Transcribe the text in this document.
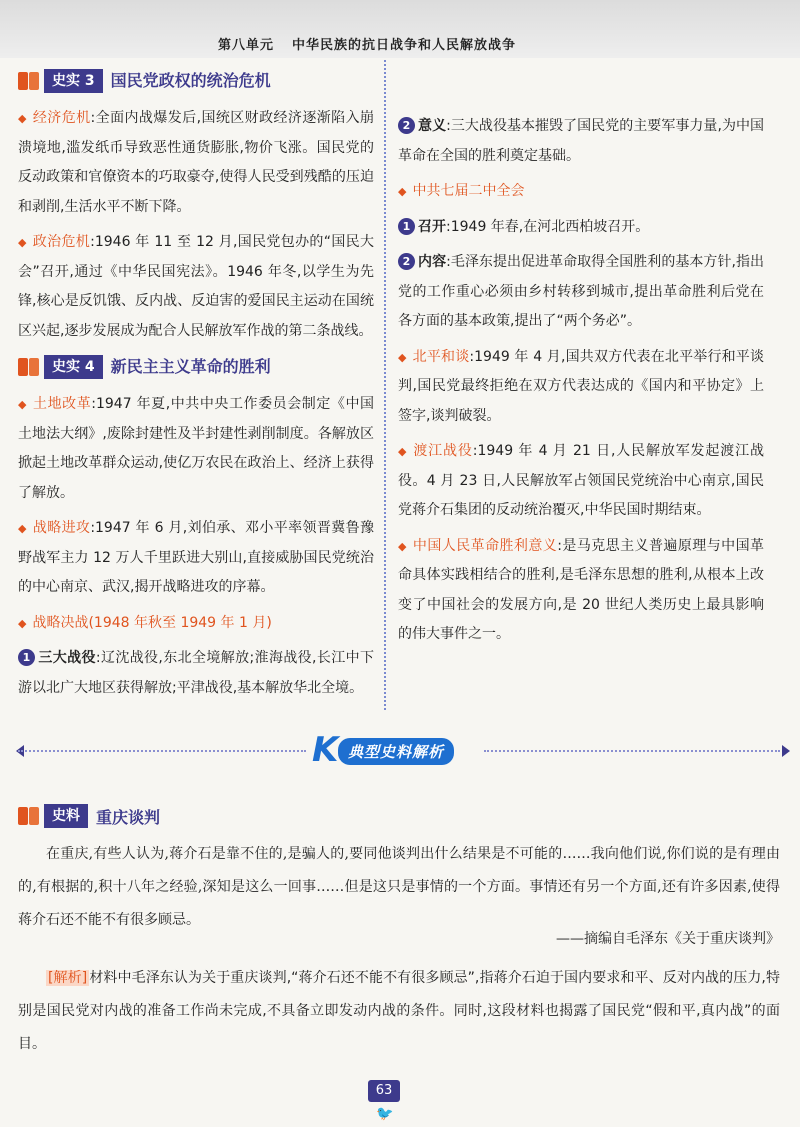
第八单元 中华民族的抗日战争和人民解放战争
史实 3	国民党政权的统治危机

◆ 经济危机:全面内战爆发后,国统区财政经济逐渐陷入崩溃境地,滥发纸币导致恶性通货膨胀,物价飞涨。国民党的反动政策和官僚资本的巧取豪夺,使得人民受到残酷的压迫和剥削,生活水平不断下降。

◆ 政治危机:1946 年 11 至 12 月,国民党包办的“国民大会”召开,通过《中华民国宪法》。1946 年冬,以学生为先锋,核心是反饥饿、反内战、反迫害的爱国民主运动在国统区兴起,逐步发展成为配合人民解放军作战的第二条战线。

史实 4	新民主主义革命的胜利

◆ 土地改革:1947 年夏,中共中央工作委员会制定《中国土地法大纲》,废除封建性及半封建性剥削制度。各解放区掀起土地改革群众运动,使亿万农民在政治上、经济上获得了解放。

◆ 战略进攻:1947 年 6 月,刘伯承、邓小平率领晋冀鲁豫野战军主力 12 万人千里跃进大别山,直接威胁国民党统治的中心南京、武汉,揭开战略进攻的序幕。

◆ 战略决战(1948 年秋至 1949 年 1 月)

1 三大战役:辽沈战役,东北全境解放;淮海战役,长江中下游以北广大地区获得解放;平津战役,基本解放华北全境。

2 意义:三大战役基本摧毁了国民党的主要军事力量,为中国革命在全国的胜利奠定基础。

◆ 中共七届二中全会

1 召开:1949 年春,在河北西柏坡召开。

2 内容:毛泽东提出促进革命取得全国胜利的基本方针,指出党的工作重心必须由乡村转移到城市,提出革命胜利后党在各方面的基本政策,提出了“两个务必”。

◆ 北平和谈:1949 年 4 月,国共双方代表在北平举行和平谈判,国民党最终拒绝在双方代表达成的《国内和平协定》上签字,谈判破裂。

◆ 渡江战役:1949 年 4 月 21 日,人民解放军发起渡江战役。4 月 23 日,人民解放军占领国民党统治中心南京,国民党蒋介石集团的反动统治覆灭,中华民国时期结束。

◆ 中国人民革命胜利意义:是马克思主义普遍原理与中国革命具体实践相结合的胜利,是毛泽东思想的胜利,从根本上改变了中国社会的发展方向,是 20 世纪人类历史上最具影响的伟大事件之一。

K 典型史料解析
史料	重庆谈判
在重庆,有些人认为,蒋介石是靠不住的,是骗人的,要同他谈判出什么结果是不可能的……我向他们说,你们说的是有理由的,有根据的,积十八年之经验,深知是这么一回事……但是这只是事情的一个方面。事情还有另一个方面,还有许多因素,使得蒋介石还不能不有很多顾忌。
——摘编自毛泽东《关于重庆谈判》
[解析] 材料中毛泽东认为关于重庆谈判,“蒋介石还不能不有很多顾忌”,指蒋介石迫于国内要求和平、反对内战的压力,特别是国民党对内战的准备工作尚未完成,不具备立即发动内战的条件。同时,这段材料也揭露了国民党“假和平,真内战”的面目。
63
🐦
